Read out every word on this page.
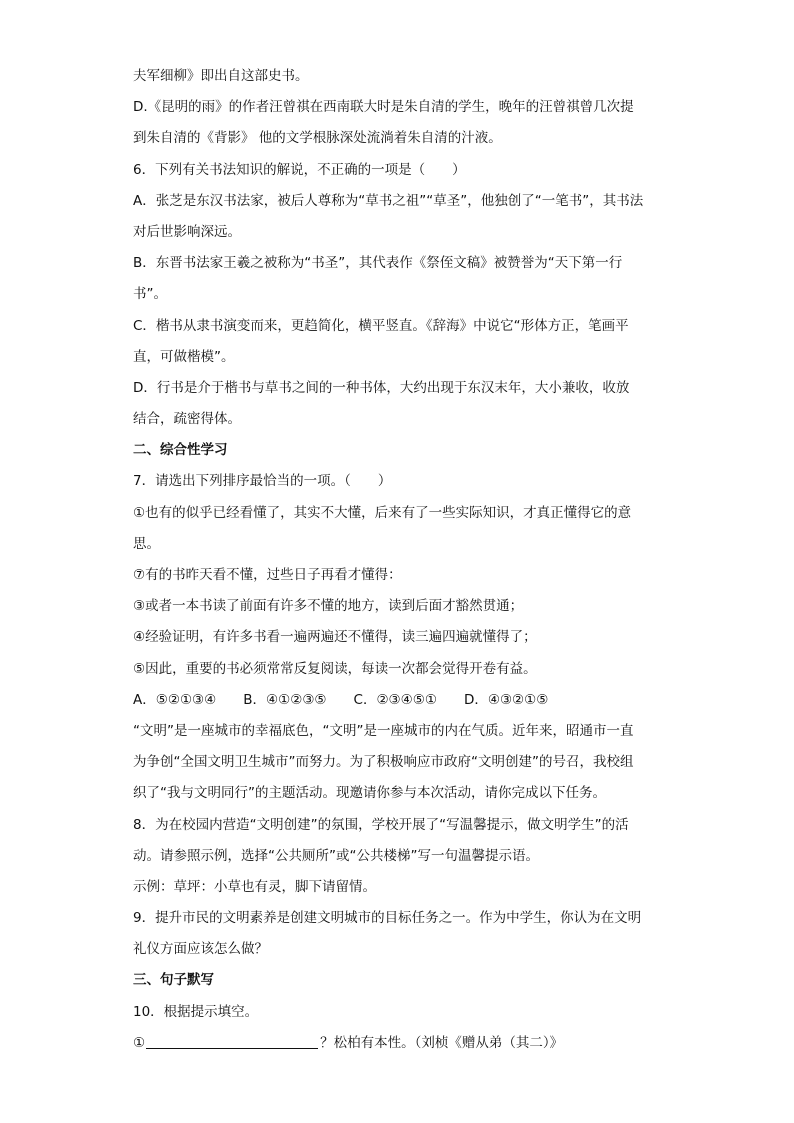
夫军细柳》即出自这部史书。
D.《昆明的雨》的作者汪曾祺在西南联大时是朱自清的学生，晚年的汪曾祺曾几次提
到朱自清的《背影》 他的文学根脉深处流淌着朱自清的汁液。
6．下列有关书法知识的解说，不正确的一项是（　　）
A．张芝是东汉书法家，被后人尊称为“草书之祖”“草圣”，他独创了“一笔书”，其书法
对后世影响深远。
B．东晋书法家王羲之被称为“书圣”，其代表作《祭侄文稿》被赞誉为“天下第一行
书”。
C．楷书从隶书演变而来，更趋简化，横平竖直。《辞海》中说它“形体方正，笔画平
直，可做楷模”。
D．行书是介于楷书与草书之间的一种书体，大约出现于东汉末年，大小兼收，收放
结合，疏密得体。
二、综合性学习
7．请选出下列排序最恰当的一项。（　　）
①也有的似乎已经看懂了，其实不大懂，后来有了一些实际知识，才真正懂得它的意
思。
⑦有的书昨天看不懂，过些日子再看才懂得：
③或者一本书读了前面有许多不懂的地方，读到后面才豁然贯通；
④经验证明，有许多书看一遍两遍还不懂得，读三遍四遍就懂得了；
⑤因此，重要的书必须常常反复阅读，每读一次都会觉得开卷有益。
A．⑤②①③④　　B．④①②③⑤　　C．②③④⑤①　　D．④③②①⑤
“文明”是一座城市的幸福底色，“文明”是一座城市的内在气质。近年来，昭通市一直
为争创“全国文明卫生城市”而努力。为了积极响应市政府“文明创建”的号召，我校组
织了“我与文明同行”的主题活动。现邀请你参与本次活动，请你完成以下任务。
8．为在校园内营造“文明创建”的氛围，学校开展了“写温馨提示，做文明学生”的活
动。请参照示例，选择“公共厕所”或“公共楼梯”写一句温馨提示语。
示例：草坪：小草也有灵，脚下请留情。
9．提升市民的文明素养是创建文明城市的目标任务之一。作为中学生，你认为在文明
礼仪方面应该怎么做？
三、句子默写
10．根据提示填空。
①	？松柏有本性。（刘桢《赠从弟（其二）》
